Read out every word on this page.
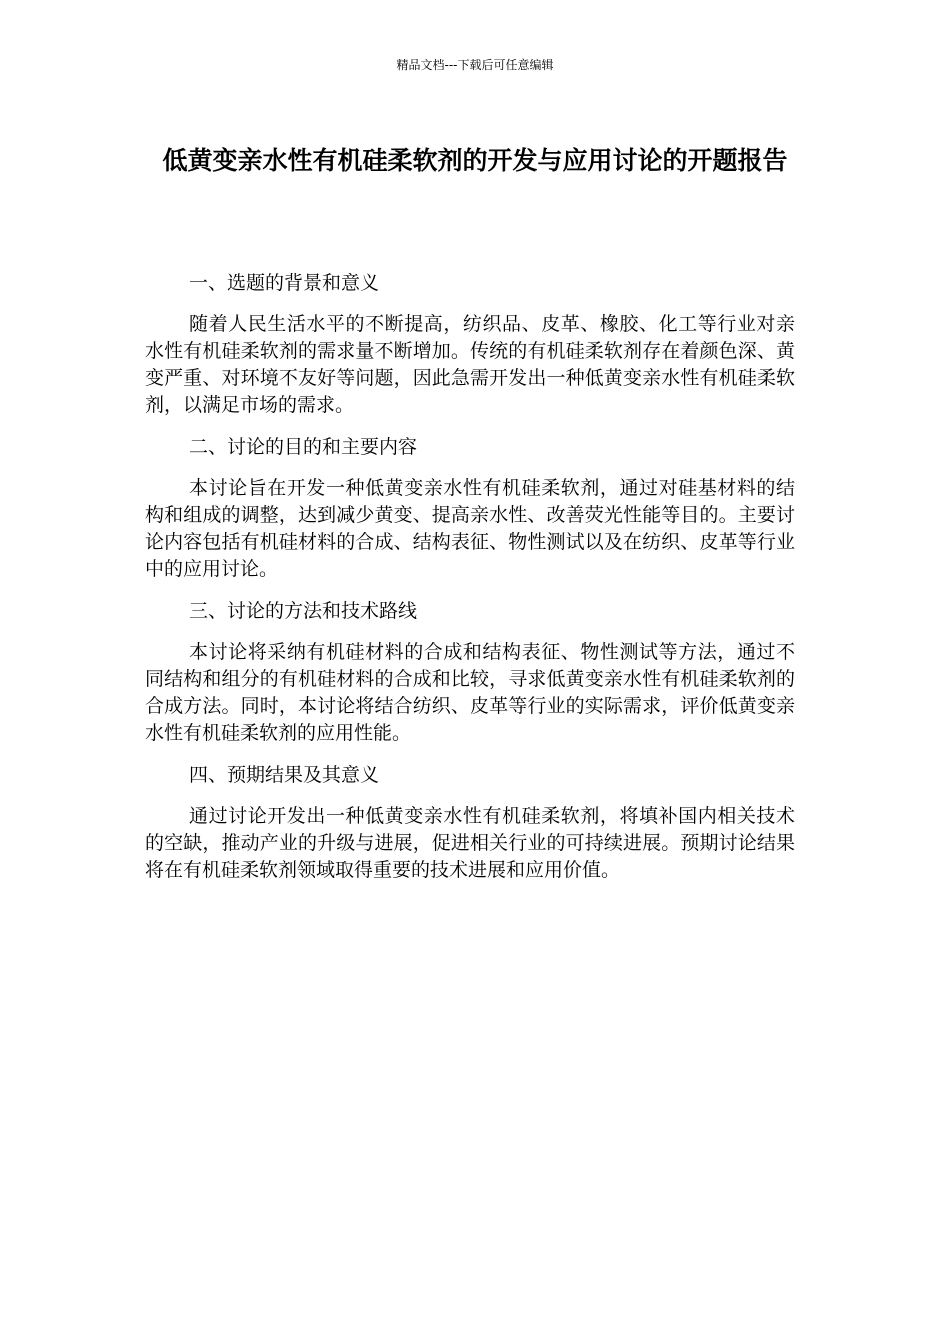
精品文档---下载后可任意编辑
低黄变亲水性有机硅柔软剂的开发与应用讨论的开题报告

一、选题的背景和意义

随着人民生活水平的不断提高，纺织品、皮革、橡胶、化工等行业对亲水性有机硅柔软剂的需求量不断增加。传统的有机硅柔软剂存在着颜色深、黄变严重、对环境不友好等问题，因此急需开发出一种低黄变亲水性有机硅柔软剂，以满足市场的需求。

二、讨论的目的和主要内容

本讨论旨在开发一种低黄变亲水性有机硅柔软剂，通过对硅基材料的结构和组成的调整，达到减少黄变、提高亲水性、改善荧光性能等目的。主要讨论内容包括有机硅材料的合成、结构表征、物性测试以及在纺织、皮革等行业中的应用讨论。

三、讨论的方法和技术路线

本讨论将采纳有机硅材料的合成和结构表征、物性测试等方法，通过不同结构和组分的有机硅材料的合成和比较，寻求低黄变亲水性有机硅柔软剂的合成方法。同时，本讨论将结合纺织、皮革等行业的实际需求，评价低黄变亲水性有机硅柔软剂的应用性能。

四、预期结果及其意义

通过讨论开发出一种低黄变亲水性有机硅柔软剂，将填补国内相关技术的空缺，推动产业的升级与进展，促进相关行业的可持续进展。预期讨论结果将在有机硅柔软剂领域取得重要的技术进展和应用价值。
